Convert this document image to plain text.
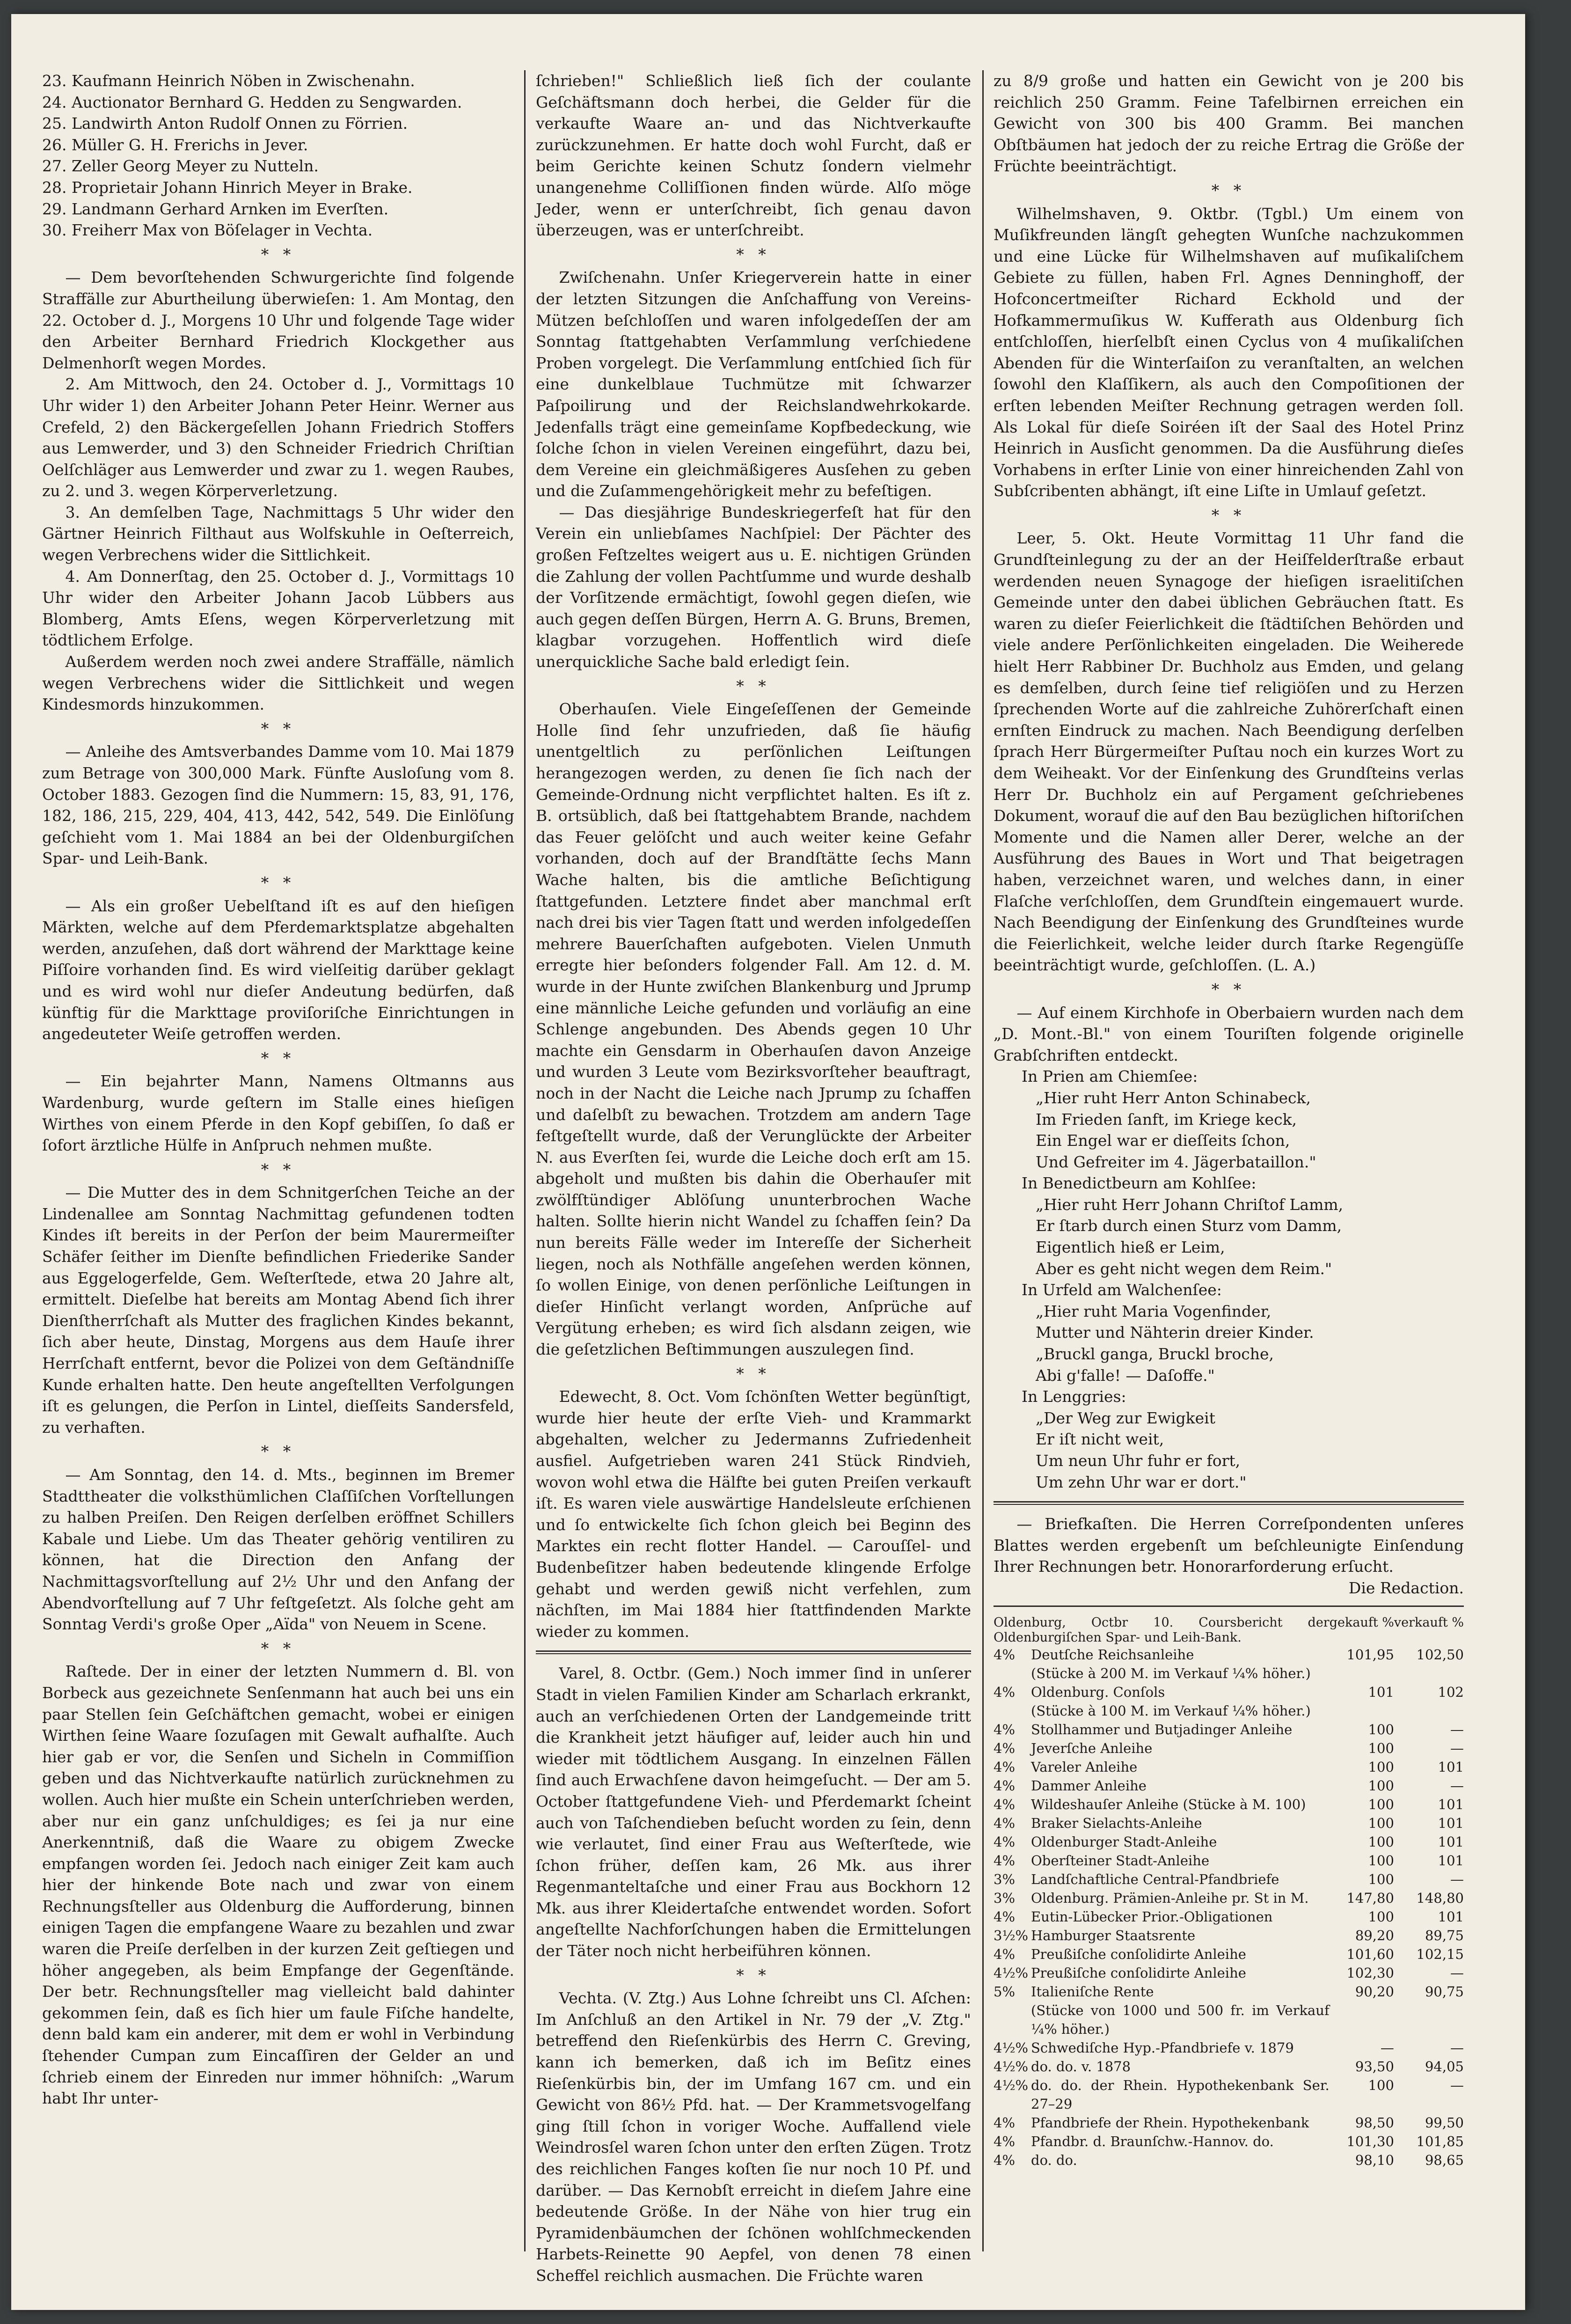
23. Kaufmann Heinrich Nöben in Zwischenahn.

24. Auctionator Bernhard G. Hedden zu Sengwarden.

25. Landwirth Anton Rudolf Onnen zu Förrien.

26. Müller G. H. Frerichs in Jever.

27. Zeller Georg Meyer zu Nutteln.

28. Proprietair Johann Hinrich Meyer in Brake.

29. Landmann Gerhard Arnken im Everſten.

30. Freiherr Max von Böſelager in Vechta.

* *

— Dem bevorſtehenden Schwurgerichte ſind folgende Straffälle zur Aburtheilung überwieſen: 1. Am Montag, den 22. October d. J., Morgens 10 Uhr und folgende Tage wider den Arbeiter Bernhard Friedrich Klockgether aus Delmenhorſt wegen Mordes.

2. Am Mittwoch, den 24. October d. J., Vormittags 10 Uhr wider 1) den Arbeiter Johann Peter Heinr. Werner aus Crefeld, 2) den Bäckergeſellen Johann Friedrich Stoffers aus Lemwerder, und 3) den Schneider Friedrich Chriſtian Oelſchläger aus Lemwerder und zwar zu 1. wegen Raubes, zu 2. und 3. wegen Körperverletzung.

3. An demſelben Tage, Nachmittags 5 Uhr wider den Gärtner Heinrich Filthaut aus Wolfskuhle in Oeſterreich, wegen Verbrechens wider die Sittlichkeit.

4. Am Donnerſtag, den 25. October d. J., Vormittags 10 Uhr wider den Arbeiter Johann Jacob Lübbers aus Blomberg, Amts Eſens, wegen Körperverletzung mit tödtlichem Erfolge.

Außerdem werden noch zwei andere Straffälle, nämlich wegen Verbrechens wider die Sittlichkeit und wegen Kindesmords hinzukommen.

* *

— Anleihe des Amtsverbandes Damme vom 10. Mai 1879 zum Betrage von 300,000 Mark. Fünfte Ausloſung vom 8. October 1883. Gezogen ſind die Nummern: 15, 83, 91, 176, 182, 186, 215, 229, 404, 413, 442, 542, 549. Die Einlöſung geſchieht vom 1. Mai 1884 an bei der Oldenburgiſchen Spar- und Leih-Bank.

* *

— Als ein großer Uebelſtand iſt es auf den hieſigen Märkten, welche auf dem Pferdemarktsplatze abgehalten werden, anzuſehen, daß dort während der Markttage keine Piſſoire vorhanden ſind. Es wird vielſeitig darüber geklagt und es wird wohl nur dieſer Andeutung bedürfen, daß künftig für die Markttage proviſoriſche Einrichtungen in angedeuteter Weiſe getroffen werden.

* *

— Ein bejahrter Mann, Namens Oltmanns aus Wardenburg, wurde geſtern im Stalle eines hieſigen Wirthes von einem Pferde in den Kopf gebiſſen, ſo daß er ſofort ärztliche Hülfe in Anſpruch nehmen mußte.

* *

— Die Mutter des in dem Schnitgerſchen Teiche an der Lindenallee am Sonntag Nachmittag gefundenen todten Kindes iſt bereits in der Perſon der beim Maurermeiſter Schäfer ſeither im Dienſte befindlichen Friederike Sander aus Eggelogerfelde, Gem. Weſterſtede, etwa 20 Jahre alt, ermittelt. Dieſelbe hat bereits am Montag Abend ſich ihrer Dienſtherrſchaft als Mutter des fraglichen Kindes bekannt, ſich aber heute, Dinstag, Morgens aus dem Hauſe ihrer Herrſchaft entfernt, bevor die Polizei von dem Geſtändniſſe Kunde erhalten hatte. Den heute angeſtellten Verfolgungen iſt es gelungen, die Perſon in Lintel, dieſſeits Sandersfeld, zu verhaften.

* *

— Am Sonntag, den 14. d. Mts., beginnen im Bremer Stadttheater die volksthümlichen Claſſiſchen Vorſtellungen zu halben Preiſen. Den Reigen derſelben eröffnet Schillers Kabale und Liebe. Um das Theater gehörig ventiliren zu können, hat die Direction den Anfang der Nachmittagsvorſtellung auf 2½ Uhr und den Anfang der Abendvorſtellung auf 7 Uhr feſtgeſetzt. Als ſolche geht am Sonntag Verdi's große Oper „Aïda" von Neuem in Scene.

* *

Raſtede. Der in einer der letzten Nummern d. Bl. von Borbeck aus gezeichnete Senſenmann hat auch bei uns ein paar Stellen ſein Geſchäftchen gemacht, wobei er einigen Wirthen ſeine Waare ſozuſagen mit Gewalt aufhalſte. Auch hier gab er vor, die Senſen und Sicheln in Commiſſion geben und das Nichtverkaufte natürlich zurücknehmen zu wollen. Auch hier mußte ein Schein unterſchrieben werden, aber nur ein ganz unſchuldiges; es ſei ja nur eine Anerkenntniß, daß die Waare zu obigem Zwecke empfangen worden ſei. Jedoch nach einiger Zeit kam auch hier der hinkende Bote nach und zwar von einem Rechnungsſteller aus Oldenburg die Aufforderung, binnen einigen Tagen die empfangene Waare zu bezahlen und zwar waren die Preiſe derſelben in der kurzen Zeit geſtiegen und höher angegeben, als beim Empfange der Gegenſtände. Der betr. Rechnungsſteller mag vielleicht bald dahinter gekommen ſein, daß es ſich hier um faule Fiſche handelte, denn bald kam ein anderer, mit dem er wohl in Verbindung ſtehender Cumpan zum Eincaſſiren der Gelder an und ſchrieb einem der Einreden nur immer höhniſch: „Warum habt Ihr unter-

ſchrieben!" Schließlich ließ ſich der coulante Geſchäftsmann doch herbei, die Gelder für die verkaufte Waare an- und das Nichtverkaufte zurückzunehmen. Er hatte doch wohl Furcht, daß er beim Gerichte keinen Schutz ſondern vielmehr unangenehme Colliſſionen finden würde. Alſo möge Jeder, wenn er unterſchreibt, ſich genau davon überzeugen, was er unterſchreibt.

* *

Zwiſchenahn. Unſer Kriegerverein hatte in einer der letzten Sitzungen die Anſchaffung von Vereins-Mützen beſchloſſen und waren infolgedeſſen der am Sonntag ſtattgehabten Verſammlung verſchiedene Proben vorgelegt. Die Verſammlung entſchied ſich für eine dunkelblaue Tuchmütze mit ſchwarzer Paſpoilirung und der Reichslandwehrkokarde. Jedenfalls trägt eine gemeinſame Kopfbedeckung, wie ſolche ſchon in vielen Vereinen eingeführt, dazu bei, dem Vereine ein gleichmäßigeres Ausſehen zu geben und die Zuſammengehörigkeit mehr zu befeſtigen.

— Das diesjährige Bundeskriegerfeſt hat für den Verein ein unliebſames Nachſpiel: Der Pächter des großen Feſtzeltes weigert aus u. E. nichtigen Gründen die Zahlung der vollen Pachtſumme und wurde deshalb der Vorſitzende ermächtigt, ſowohl gegen dieſen, wie auch gegen deſſen Bürgen, Herrn A. G. Bruns, Bremen, klagbar vorzugehen. Hoffentlich wird dieſe unerquickliche Sache bald erledigt ſein.

* *

Oberhauſen. Viele Eingeſeſſenen der Gemeinde Holle ſind ſehr unzufrieden, daß ſie häufig unentgeltlich zu perſönlichen Leiſtungen herangezogen werden, zu denen ſie ſich nach der Gemeinde-Ordnung nicht verpflichtet halten. Es iſt z. B. ortsüblich, daß bei ſtattgehabtem Brande, nachdem das Feuer gelöſcht und auch weiter keine Gefahr vorhanden, doch auf der Brandſtätte ſechs Mann Wache halten, bis die amtliche Beſichtigung ſtattgefunden. Letztere findet aber manchmal erſt nach drei bis vier Tagen ſtatt und werden infolgedeſſen mehrere Bauerſchaften aufgeboten. Vielen Unmuth erregte hier beſonders folgender Fall. Am 12. d. M. wurde in der Hunte zwiſchen Blankenburg und Jprump eine männliche Leiche gefunden und vorläufig an eine Schlenge angebunden. Des Abends gegen 10 Uhr machte ein Gensdarm in Oberhauſen davon Anzeige und wurden 3 Leute vom Bezirksvorſteher beauftragt, noch in der Nacht die Leiche nach Jprump zu ſchaffen und daſelbſt zu bewachen. Trotzdem am andern Tage feſtgeſtellt wurde, daß der Verunglückte der Arbeiter N. aus Everſten ſei, wurde die Leiche doch erſt am 15. abgeholt und mußten bis dahin die Oberhauſer mit zwölfſtündiger Ablöſung ununterbrochen Wache halten. Sollte hierin nicht Wandel zu ſchaffen ſein? Da nun bereits Fälle weder im Intereſſe der Sicherheit liegen, noch als Nothfälle angeſehen werden können, ſo wollen Einige, von denen perſönliche Leiſtungen in dieſer Hinſicht verlangt worden, Anſprüche auf Vergütung erheben; es wird ſich alsdann zeigen, wie die geſetzlichen Beſtimmungen auszulegen ſind.

* *

Edewecht, 8. Oct. Vom ſchönſten Wetter begünſtigt, wurde hier heute der erſte Vieh- und Krammarkt abgehalten, welcher zu Jedermanns Zufriedenheit ausfiel. Aufgetrieben waren 241 Stück Rindvieh, wovon wohl etwa die Hälfte bei guten Preiſen verkauft iſt. Es waren viele auswärtige Handelsleute erſchienen und ſo entwickelte ſich ſchon gleich bei Beginn des Marktes ein recht flotter Handel. — Carouſſel- und Budenbeſitzer haben bedeutende klingende Erfolge gehabt und werden gewiß nicht verfehlen, zum nächſten, im Mai 1884 hier ſtattfindenden Markte wieder zu kommen.

Varel, 8. Octbr. (Gem.) Noch immer ſind in unſerer Stadt in vielen Familien Kinder am Scharlach erkrankt, auch an verſchiedenen Orten der Landgemeinde tritt die Krankheit jetzt häufiger auf, leider auch hin und wieder mit tödtlichem Ausgang. In einzelnen Fällen ſind auch Erwachſene davon heimgeſucht. — Der am 5. October ſtattgefundene Vieh- und Pferdemarkt ſcheint auch von Taſchendieben beſucht worden zu ſein, denn wie verlautet, ſind einer Frau aus Weſterſtede, wie ſchon früher, deſſen kam, 26 Mk. aus ihrer Regenmanteltaſche und einer Frau aus Bockhorn 12 Mk. aus ihrer Kleidertaſche entwendet worden. Sofort angeſtellte Nachforſchungen haben die Ermittelungen der Täter noch nicht herbeiführen können.

* *

Vechta. (V. Ztg.) Aus Lohne ſchreibt uns Cl. Aſchen: Im Anſchluß an den Artikel in Nr. 79 der „V. Ztg." betreffend den Rieſenkürbis des Herrn C. Greving, kann ich bemerken, daß ich im Beſitz eines Rieſenkürbis bin, der im Umfang 167 cm. und ein Gewicht von 86½ Pfd. hat. — Der Krammetsvogelfang ging ſtill ſchon in voriger Woche. Auffallend viele Weindrosſel waren ſchon unter den erſten Zügen. Trotz des reichlichen Fanges koſten ſie nur noch 10 Pf. und darüber. — Das Kernobſt erreicht in dieſem Jahre eine bedeutende Größe. In der Nähe von hier trug ein Pyramidenbäumchen der ſchönen wohlſchmeckenden Harbets-Reinette 90 Aepfel, von denen 78 einen Scheffel reichlich ausmachen. Die Früchte waren

zu 8/9 große und hatten ein Gewicht von je 200 bis reichlich 250 Gramm. Feine Tafelbirnen erreichen ein Gewicht von 300 bis 400 Gramm. Bei manchen Obſtbäumen hat jedoch der zu reiche Ertrag die Größe der Früchte beeinträchtigt.

* *

Wilhelmshaven, 9. Oktbr. (Tgbl.) Um einem von Muſikfreunden längſt gehegten Wunſche nachzukommen und eine Lücke für Wilhelmshaven auf muſikaliſchem Gebiete zu füllen, haben Frl. Agnes Denninghoff, der Hofconcertmeiſter Richard Eckhold und der Hofkammermuſikus W. Kufferath aus Oldenburg ſich entſchloſſen, hierſelbſt einen Cyclus von 4 muſikaliſchen Abenden für die Winterſaiſon zu veranſtalten, an welchen ſowohl den Klaſſikern, als auch den Compoſitionen der erſten lebenden Meiſter Rechnung getragen werden ſoll. Als Lokal für dieſe Soiréen iſt der Saal des Hotel Prinz Heinrich in Ausſicht genommen. Da die Ausführung dieſes Vorhabens in erſter Linie von einer hinreichenden Zahl von Subſcribenten abhängt, iſt eine Liſte in Umlauf geſetzt.

* *

Leer, 5. Okt. Heute Vormittag 11 Uhr fand die Grundſteinlegung zu der an der Heiſfelderſtraße erbaut werdenden neuen Synagoge der hieſigen israelitiſchen Gemeinde unter den dabei üblichen Gebräuchen ſtatt. Es waren zu dieſer Feierlichkeit die ſtädtiſchen Behörden und viele andere Perſönlichkeiten eingeladen. Die Weiherede hielt Herr Rabbiner Dr. Buchholz aus Emden, und gelang es demſelben, durch ſeine tief religiöſen und zu Herzen ſprechenden Worte auf die zahlreiche Zuhörerſchaft einen ernſten Eindruck zu machen. Nach Beendigung derſelben ſprach Herr Bürgermeiſter Puſtau noch ein kurzes Wort zu dem Weiheakt. Vor der Einſenkung des Grundſteins verlas Herr Dr. Buchholz ein auf Pergament geſchriebenes Dokument, worauf die auf den Bau bezüglichen hiſtoriſchen Momente und die Namen aller Derer, welche an der Ausführung des Baues in Wort und That beigetragen haben, verzeichnet waren, und welches dann, in einer Flaſche verſchloſſen, dem Grundſtein eingemauert wurde. Nach Beendigung der Einſenkung des Grundſteines wurde die Feierlichkeit, welche leider durch ſtarke Regengüſſe beeinträchtigt wurde, geſchloſſen. (L. A.)

* *

— Auf einem Kirchhofe in Oberbaiern wurden nach dem „D. Mont.-Bl." von einem Touriſten folgende originelle Grabſchriften entdeckt.

In Prien am Chiemſee:
„Hier ruht Herr Anton Schinabeck,
Im Frieden ſanft, im Kriege keck,
Ein Engel war er dieſſeits ſchon,
Und Gefreiter im 4. Jägerbataillon."
In Benedictbeurn am Kohlſee:
„Hier ruht Herr Johann Chriſtof Lamm,
Er ſtarb durch einen Sturz vom Damm,
Eigentlich hieß er Leim,
Aber es geht nicht wegen dem Reim."
In Urfeld am Walchenſee:
„Hier ruht Maria Vogenfinder,
Mutter und Nähterin dreier Kinder.
„Bruckl ganga, Bruckl broche,
Abi g'falle! — Daſoffe."
In Lenggries:
„Der Weg zur Ewigkeit
Er iſt nicht weit,
Um neun Uhr fuhr er fort,
Um zehn Uhr war er dort."

— Briefkaſten. Die Herren Correſpondenten unſeres Blattes werden ergebenſt um beſchleunigte Einſendung Ihrer Rechnungen betr. Honorarforderung erſucht.

Die Redaction.

Oldenburg, Octbr 10. Coursbericht der Oldenburgiſchen Spar- und Leih-Bank.		gekauft %	verkauft %
4%	Deutſche Reichsanleihe	101,95	102,50
	(Stücke à 200 M. im Verkauf ¼% höher.)		
4%	Oldenburg. Conſols	101	102
	(Stücke à 100 M. im Verkauf ¼% höher.)		
4%	Stollhammer und Butjadinger Anleihe	100	—
4%	Jeverſche Anleihe	100	—
4%	Vareler Anleihe	100	101
4%	Dammer Anleihe	100	—
4%	Wildeshauſer Anleihe (Stücke à M. 100)	100	101
4%	Braker Sielachts-Anleihe	100	101
4%	Oldenburger Stadt-Anleihe	100	101
4%	Oberſteiner Stadt-Anleihe	100	101
3%	Landſchaftliche Central-Pfandbriefe	100	—
3%	Oldenburg. Prämien-Anleihe pr. St in M.	147,80	148,80
4%	Eutin-Lübecker Prior.-Obligationen	100	101
3½%	Hamburger Staatsrente	89,20	89,75
4%	Preußiſche conſolidirte Anleihe	101,60	102,15
4½%	Preußiſche conſolidirte Anleihe	102,30	—
5%	Italieniſche Rente	90,20	90,75
	(Stücke von 1000 und 500 fr. im Verkauf ¼% höher.)		
4½%	Schwediſche Hyp.-Pfandbriefe v. 1879	—	—
4½%	do. do. v. 1878	93,50	94,05
4½%	do. do. der Rhein. Hypothekenbank Ser. 27–29	100	—
4%	Pfandbriefe der Rhein. Hypothekenbank	98,50	99,50
4%	Pfandbr. d. Braunſchw.-Hannov. do.	101,30	101,85
4%	do. do.	98,10	98,65
